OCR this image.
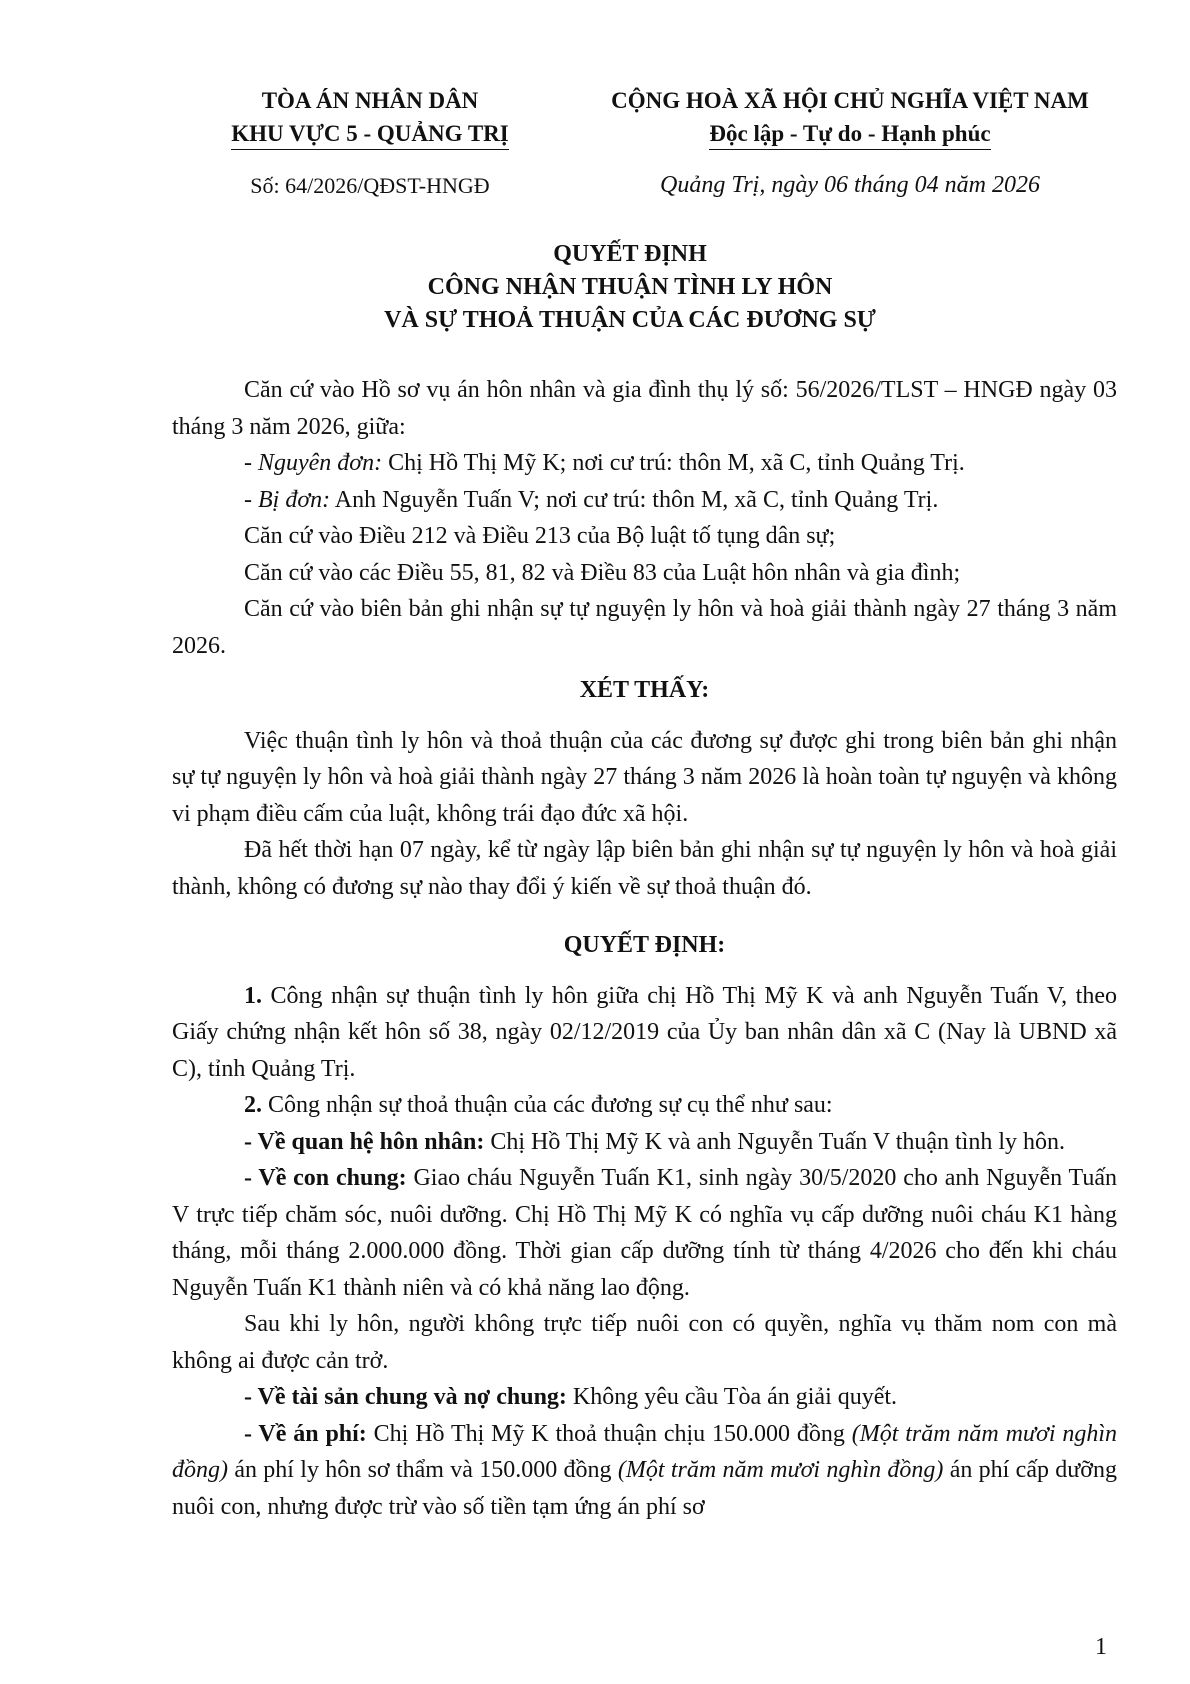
TÒA ÁN NHÂN DÂN
KHU VỰC 5 - QUẢNG TRỊ
CỘNG HOÀ XÃ HỘI CHỦ NGHĨA VIỆT NAM
Độc lập - Tự do - Hạnh phúc
Số: 64/2026/QĐST-HNGĐ	Quảng Trị, ngày 06 tháng 04 năm 2026
QUYẾT ĐỊNH
CÔNG NHẬN THUẬN TÌNH LY HÔN
VÀ SỰ THOẢ THUẬN CỦA CÁC ĐƯƠNG SỰ

Căn cứ vào Hồ sơ vụ án hôn nhân và gia đình thụ lý số: 56/2026/TLST – HNGĐ ngày 03 tháng 3 năm 2026, giữa:

- Nguyên đơn: Chị Hồ Thị Mỹ K; nơi cư trú: thôn M, xã C, tỉnh Quảng Trị.

- Bị đơn: Anh Nguyễn Tuấn V; nơi cư trú: thôn M, xã C, tỉnh Quảng Trị.

Căn cứ vào Điều 212 và Điều 213 của Bộ luật tố tụng dân sự;

Căn cứ vào các Điều 55, 81, 82 và Điều 83 của Luật hôn nhân và gia đình;

Căn cứ vào biên bản ghi nhận sự tự nguyện ly hôn và hoà giải thành ngày 27 tháng 3 năm 2026.

XÉT THẤY:

Việc thuận tình ly hôn và thoả thuận của các đương sự được ghi trong biên bản ghi nhận sự tự nguyện ly hôn và hoà giải thành ngày 27 tháng 3 năm 2026 là hoàn toàn tự nguyện và không vi phạm điều cấm của luật, không trái đạo đức xã hội.

Đã hết thời hạn 07 ngày, kể từ ngày lập biên bản ghi nhận sự tự nguyện ly hôn và hoà giải thành, không có đương sự nào thay đổi ý kiến về sự thoả thuận đó.

QUYẾT ĐỊNH:

1. Công nhận sự thuận tình ly hôn giữa chị Hồ Thị Mỹ K và anh Nguyễn Tuấn V, theo Giấy chứng nhận kết hôn số 38, ngày 02/12/2019 của Ủy ban nhân dân xã C (Nay là UBND xã C), tỉnh Quảng Trị.

2. Công nhận sự thoả thuận của các đương sự cụ thể như sau:

- Về quan hệ hôn nhân: Chị Hồ Thị Mỹ K và anh Nguyễn Tuấn V thuận tình ly hôn.

- Về con chung: Giao cháu Nguyễn Tuấn K1, sinh ngày 30/5/2020 cho anh Nguyễn Tuấn V trực tiếp chăm sóc, nuôi dưỡng. Chị Hồ Thị Mỹ K có nghĩa vụ cấp dưỡng nuôi cháu K1 hàng tháng, mỗi tháng 2.000.000 đồng. Thời gian cấp dưỡng tính từ tháng 4/2026 cho đến khi cháu Nguyễn Tuấn K1 thành niên và có khả năng lao động.

Sau khi ly hôn, người không trực tiếp nuôi con có quyền, nghĩa vụ thăm nom con mà không ai được cản trở.

- Về tài sản chung và nợ chung: Không yêu cầu Tòa án giải quyết.

- Về án phí: Chị Hồ Thị Mỹ K thoả thuận chịu 150.000 đồng (Một trăm năm mươi nghìn đồng) án phí ly hôn sơ thẩm và 150.000 đồng (Một trăm năm mươi nghìn đồng) án phí cấp dưỡng nuôi con, nhưng được trừ vào số tiền tạm ứng án phí sơ

1
